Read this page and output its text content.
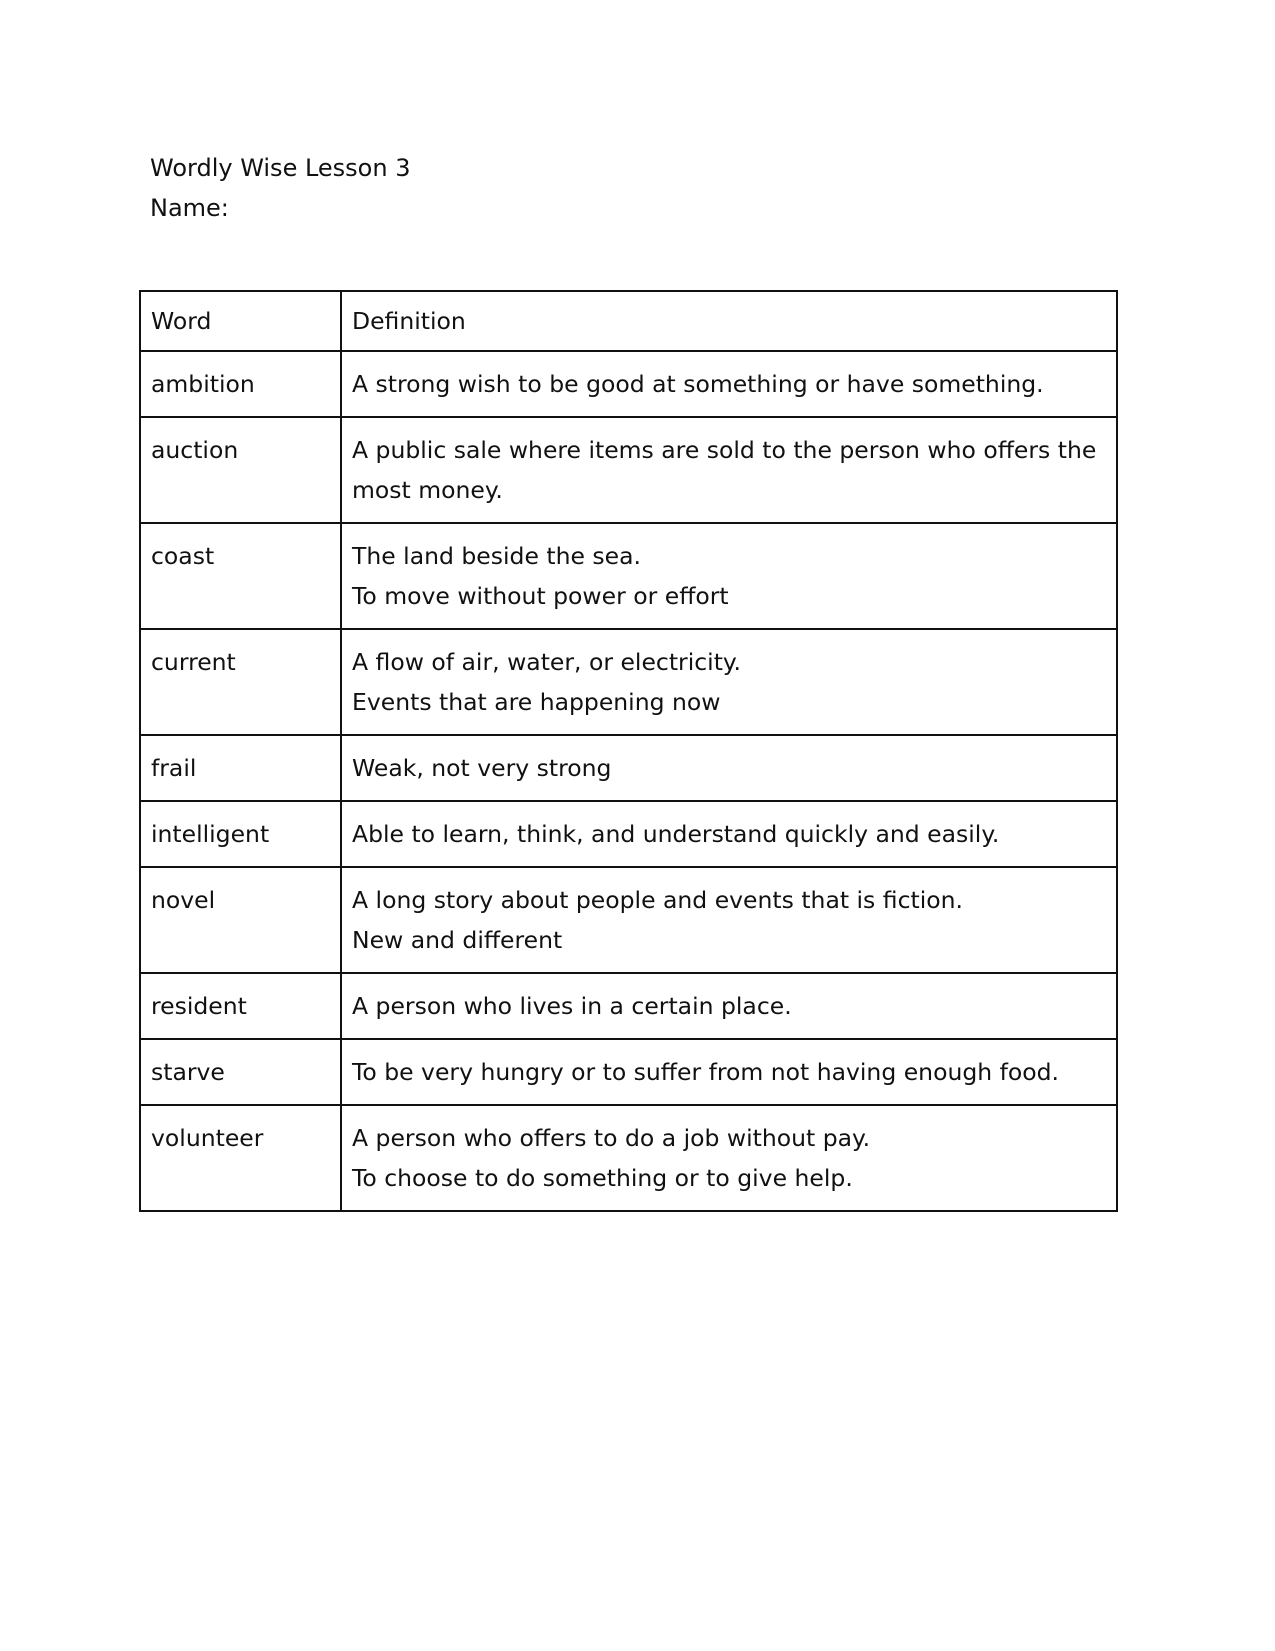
Wordly Wise Lesson 3
Name:
Word	Definition
ambition	A strong wish to be good at something or have something.

auction	A public sale where items are sold to the person who offers the most money.

coast	The land beside the sea.
To move without power or effort

current	A flow of air, water, or electricity.
Events that are happening now

frail	Weak, not very strong

intelligent	Able to learn, think, and understand quickly and easily.

novel	A long story about people and events that is fiction.
New and different

resident	A person who lives in a certain place.

starve	To be very hungry or to suffer from not having enough food.

volunteer	A person who offers to do a job without pay.
To choose to do something or to give help.
